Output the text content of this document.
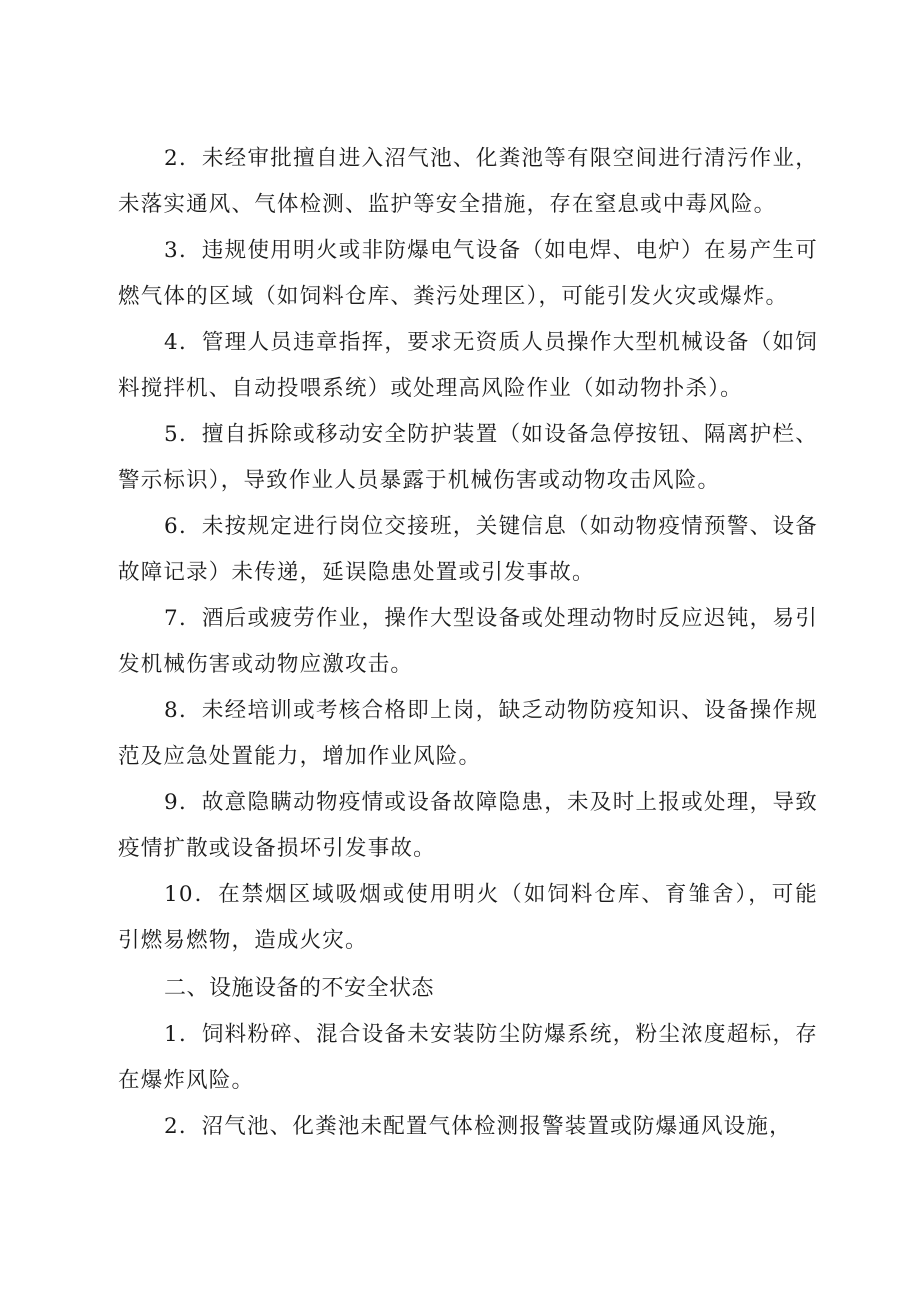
2．未经审批擅自进入沼气池、化粪池等有限空间进行清污作业，未落实通风、气体检测、监护等安全措施，存在窒息或中毒风险。

3．违规使用明火或非防爆电气设备（如电焊、电炉）在易产生可燃气体的区域（如饲料仓库、粪污处理区），可能引发火灾或爆炸。

4．管理人员违章指挥，要求无资质人员操作大型机械设备（如饲料搅拌机、自动投喂系统）或处理高风险作业（如动物扑杀）。

5．擅自拆除或移动安全防护装置（如设备急停按钮、隔离护栏、警示标识），导致作业人员暴露于机械伤害或动物攻击风险。

6．未按规定进行岗位交接班，关键信息（如动物疫情预警、设备故障记录）未传递，延误隐患处置或引发事故。

7．酒后或疲劳作业，操作大型设备或处理动物时反应迟钝，易引发机械伤害或动物应激攻击。

8．未经培训或考核合格即上岗，缺乏动物防疫知识、设备操作规范及应急处置能力，增加作业风险。

9．故意隐瞒动物疫情或设备故障隐患，未及时上报或处理，导致疫情扩散或设备损坏引发事故。

10．在禁烟区域吸烟或使用明火（如饲料仓库、育雏舍），可能引燃易燃物，造成火灾。

二、设施设备的不安全状态

1．饲料粉碎、混合设备未安装防尘防爆系统，粉尘浓度超标，存在爆炸风险。

2．沼气池、化粪池未配置气体检测报警装置或防爆通风设施，
